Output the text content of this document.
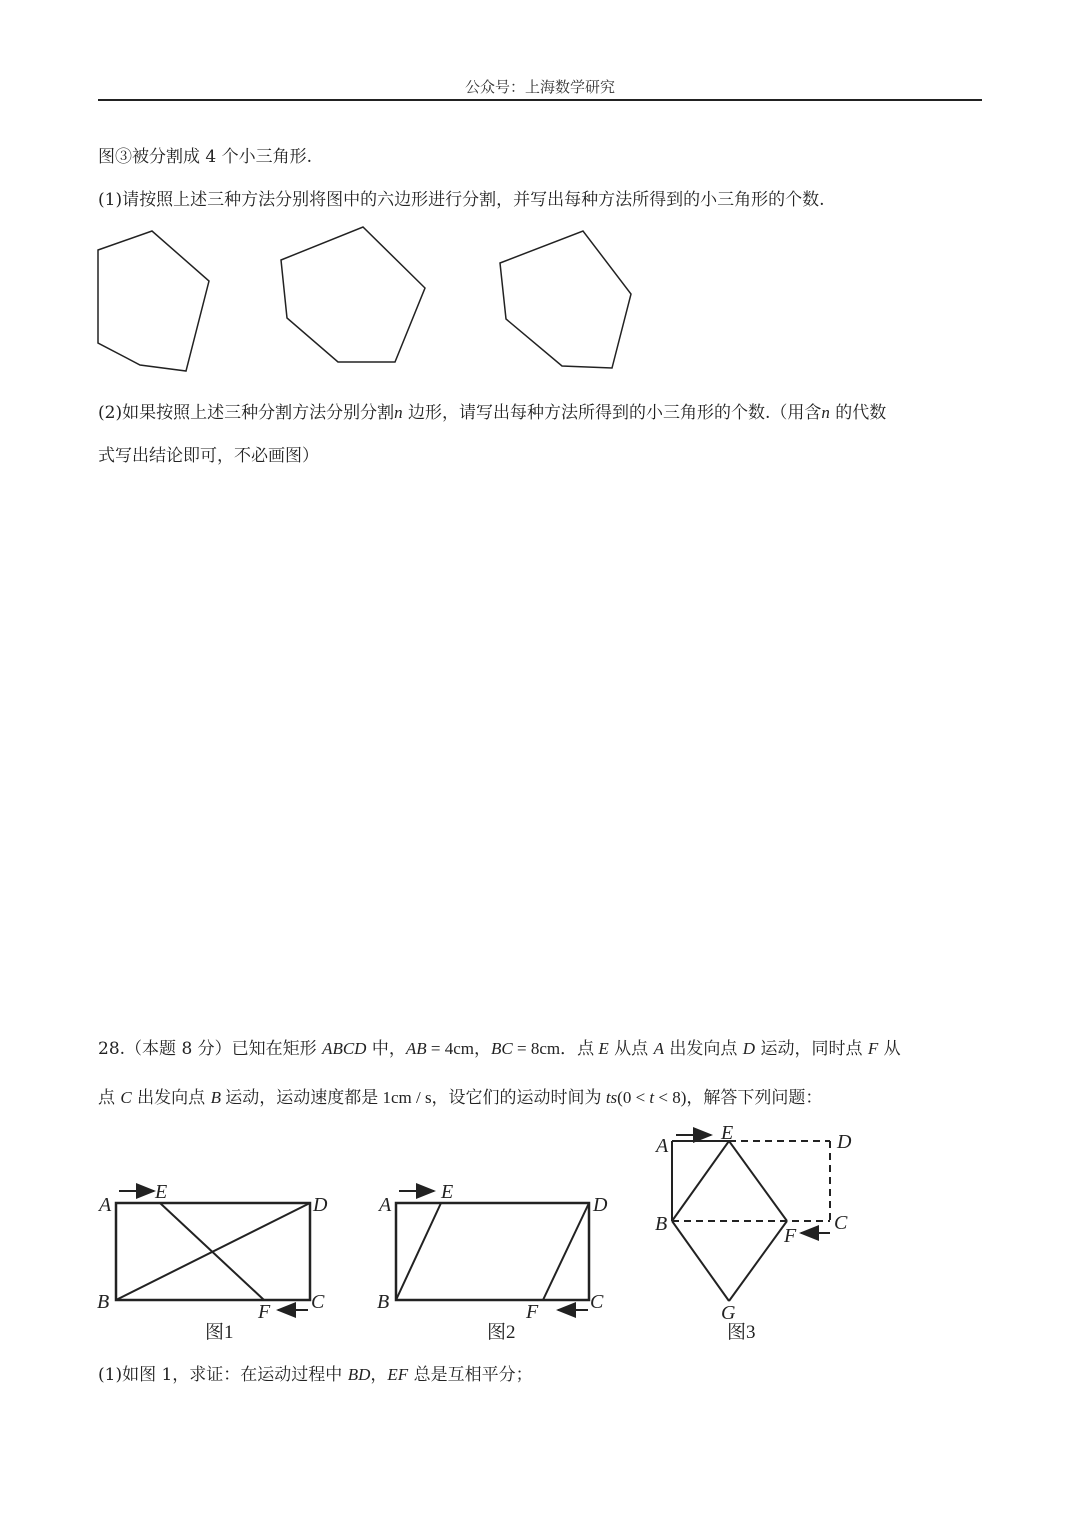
公众号：上海数学研究
图③被分割成 4 个小三角形.
(1)请按照上述三种方法分别将图中的六边形进行分割，并写出每种方法所得到的小三角形的个数.
(2)如果按照上述三种分割方法分别分割n 边形，请写出每种方法所得到的小三角形的个数.（用含n 的代数
式写出结论即可，不必画图）
28.（本题 8 分）已知在矩形 ABCD 中，AB = 4cm，BC = 8cm．点 E 从点 A 出发向点 D 运动，同时点 F 从
点 C 出发向点 B 运动，运动速度都是 1cm / s，设它们的运动时间为 ts(0 < t < 8)，解答下列问题：
A
E
D
B	F C
图1
A
E
D
B	F	C
图2
A
E	D
B
F
C
G
图3
(1)如图 1，求证：在运动过程中 BD，EF 总是互相平分；
